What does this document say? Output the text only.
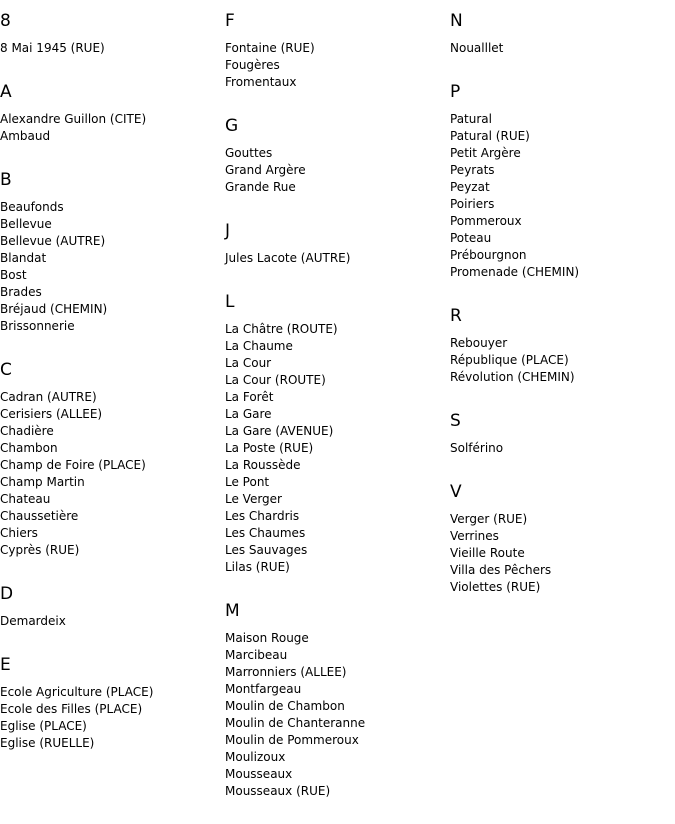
8
8 Mai 1945 (RUE)
A
Alexandre Guillon (CITE)
Ambaud
B
Beaufonds
Bellevue
Bellevue (AUTRE)
Blandat
Bost
Brades
Bréjaud (CHEMIN)
Brissonnerie
C
Cadran (AUTRE)
Cerisiers (ALLEE)
Chadière
Chambon
Champ de Foire (PLACE)
Champ Martin
Chateau
Chaussetière
Chiers
Cyprès (RUE)
D
Demardeix
E
Ecole Agriculture (PLACE)
Ecole des Filles (PLACE)
Eglise (PLACE)
Eglise (RUELLE)
F
Fontaine (RUE)
Fougères
Fromentaux
G
Gouttes
Grand Argère
Grande Rue
J
Jules Lacote (AUTRE)
L
La Châtre (ROUTE)
La Chaume
La Cour
La Cour (ROUTE)
La Forêt
La Gare
La Gare (AVENUE)
La Poste (RUE)
La Roussède
Le Pont
Le Verger
Les Chardris
Les Chaumes
Les Sauvages
Lilas (RUE)
M
Maison Rouge
Marcibeau
Marronniers (ALLEE)
Montfargeau
Moulin de Chambon
Moulin de Chanteranne
Moulin de Pommeroux
Moulizoux
Mousseaux
Mousseaux (RUE)
N
Noualllet
P
Patural
Patural (RUE)
Petit Argère
Peyrats
Peyzat
Poiriers
Pommeroux
Poteau
Prébourgnon
Promenade (CHEMIN)
R
Rebouyer
République (PLACE)
Révolution (CHEMIN)
S
Solférino
V
Verger (RUE)
Verrines
Vieille Route
Villa des Pêchers
Violettes (RUE)
